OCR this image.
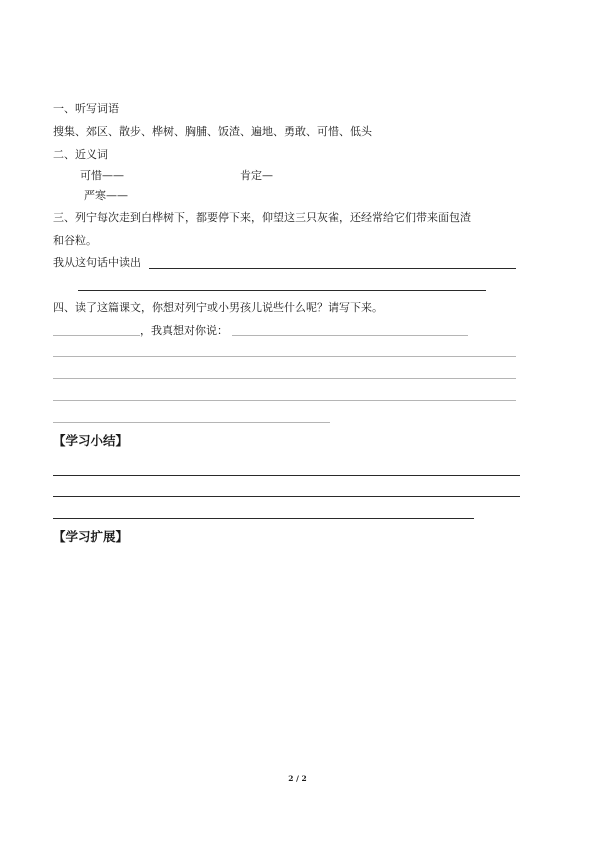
一、听写词语
搜集、郊区、散步、桦树、胸脯、饭渣、遍地、勇敢、可惜、低头
二、近义词
可惜——	肯定—
严寒——
三、列宁每次走到白桦树下，都要停下来，仰望这三只灰雀，还经常给它们带来面包渣
和谷粒。
我从这句话中读出
四、读了这篇课文，你想对列宁或小男孩儿说些什么呢？请写下来。
，我真想对你说：
【学习小结】
【学习扩展】
2 / 2
